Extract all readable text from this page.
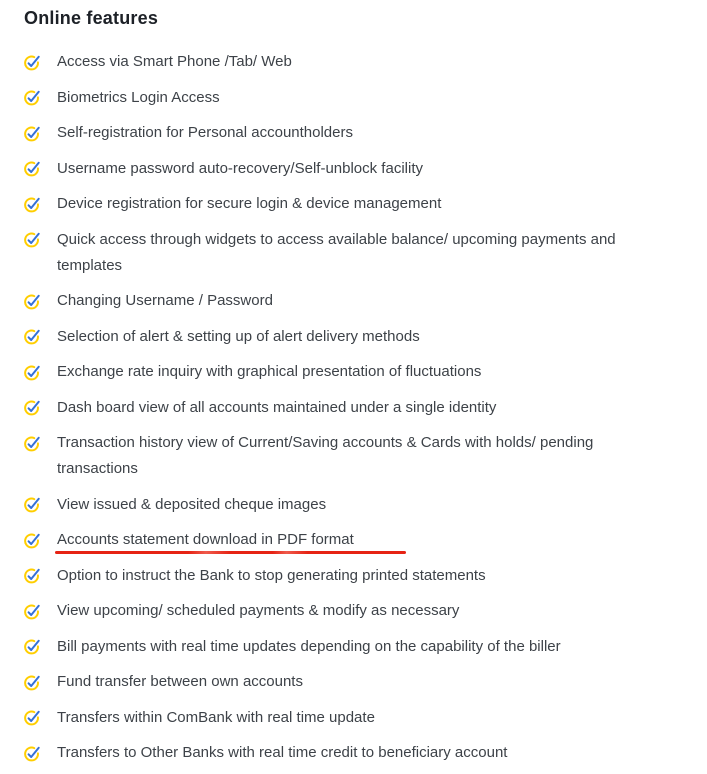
Online features
Access via Smart Phone /Tab/ Web
Biometrics Login Access
Self-registration for Personal accountholders
Username password auto-recovery/Self-unblock facility
Device registration for secure login & device management
Quick access through widgets to access available balance/ upcoming payments and templates
Changing Username / Password
Selection of alert & setting up of alert delivery methods
Exchange rate inquiry with graphical presentation of fluctuations
Dash board view of all accounts maintained under a single identity
Transaction history view of Current/Saving accounts & Cards with holds/ pending transactions
View issued & deposited cheque images
Accounts statement download in PDF format
Option to instruct the Bank to stop generating printed statements
View upcoming/ scheduled payments & modify as necessary
Bill payments with real time updates depending on the capability of the biller
Fund transfer between own accounts
Transfers within ComBank with real time update
Transfers to Other Banks with real time credit to beneficiary account
